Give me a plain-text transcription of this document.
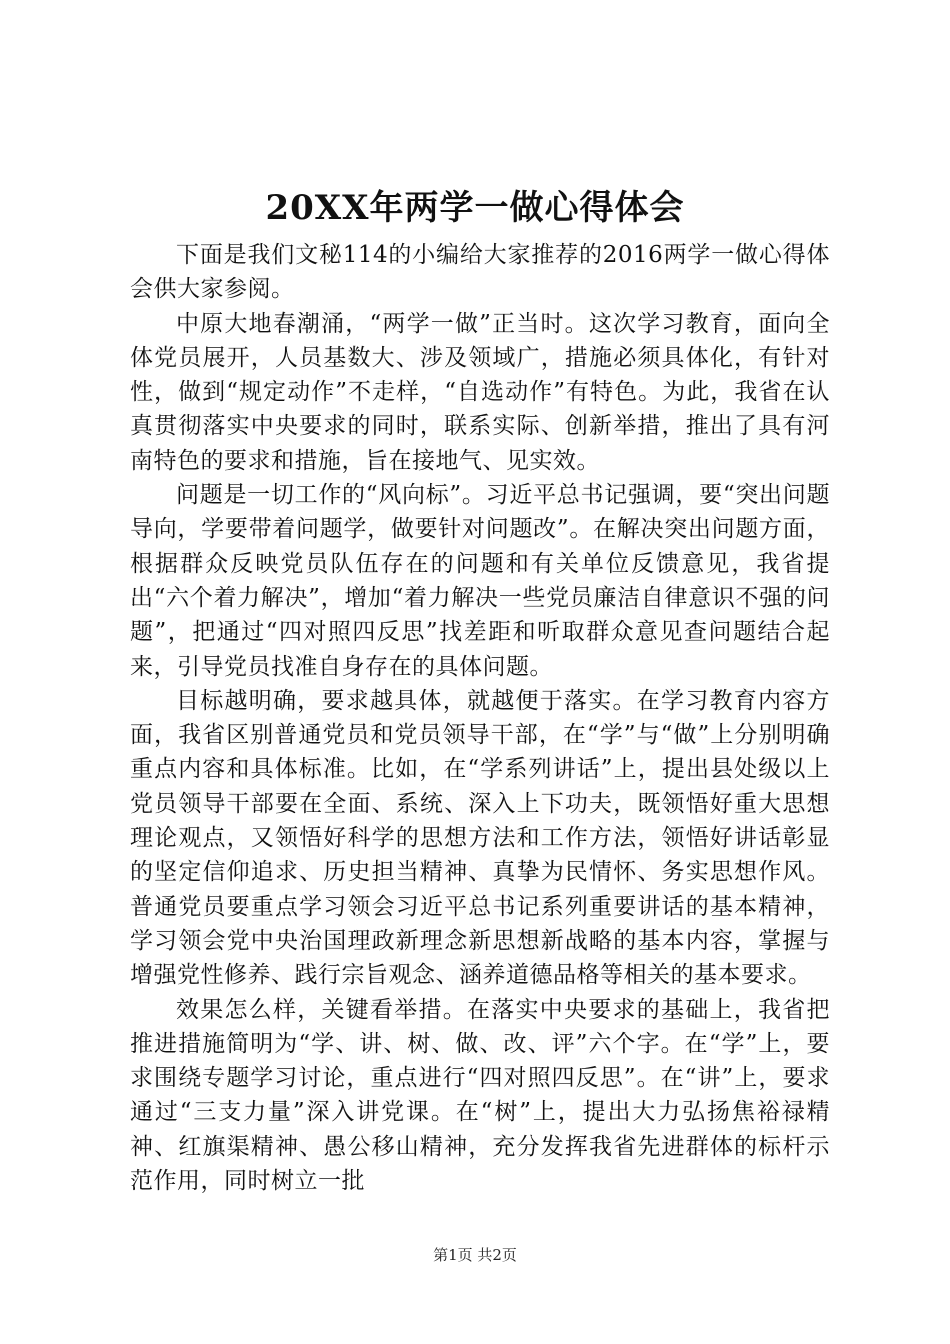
20XX年两学一做心得体会

下面是我们文秘114的小编给大家推荐的2016两学一做心得体会供大家参阅。

中原大地春潮涌，“两学一做”正当时。这次学习教育，面向全体党员展开，人员基数大、涉及领域广，措施必须具体化，有针对性，做到“规定动作”不走样，“自选动作”有特色。为此，我省在认真贯彻落实中央要求的同时，联系实际、创新举措，推出了具有河南特色的要求和措施，旨在接地气、见实效。

问题是一切工作的“风向标”。习近平总书记强调，要“突出问题导向，学要带着问题学，做要针对问题改”。在解决突出问题方面，根据群众反映党员队伍存在的问题和有关单位反馈意见，我省提出“六个着力解决”，增加“着力解决一些党员廉洁自律意识不强的问题”，把通过“四对照四反思”找差距和听取群众意见查问题结合起来，引导党员找准自身存在的具体问题。

目标越明确，要求越具体，就越便于落实。在学习教育内容方面，我省区别普通党员和党员领导干部，在“学”与“做”上分别明确重点内容和具体标准。比如，在“学系列讲话”上，提出县处级以上党员领导干部要在全面、系统、深入上下功夫，既领悟好重大思想理论观点，又领悟好科学的思想方法和工作方法，领悟好讲话彰显的坚定信仰追求、历史担当精神、真挚为民情怀、务实思想作风。普通党员要重点学习领会习近平总书记系列重要讲话的基本精神，学习领会党中央治国理政新理念新思想新战略的基本内容，掌握与增强党性修养、践行宗旨观念、涵养道德品格等相关的基本要求。

效果怎么样，关键看举措。在落实中央要求的基础上，我省把推进措施简明为“学、讲、树、做、改、评”六个字。在“学”上，要求围绕专题学习讨论，重点进行“四对照四反思”。在“讲”上，要求通过“三支力量”深入讲党课。在“树”上，提出大力弘扬焦裕禄精神、红旗渠精神、愚公移山精神，充分发挥我省先进群体的标杆示范作用，同时树立一批

第1页 共2页
